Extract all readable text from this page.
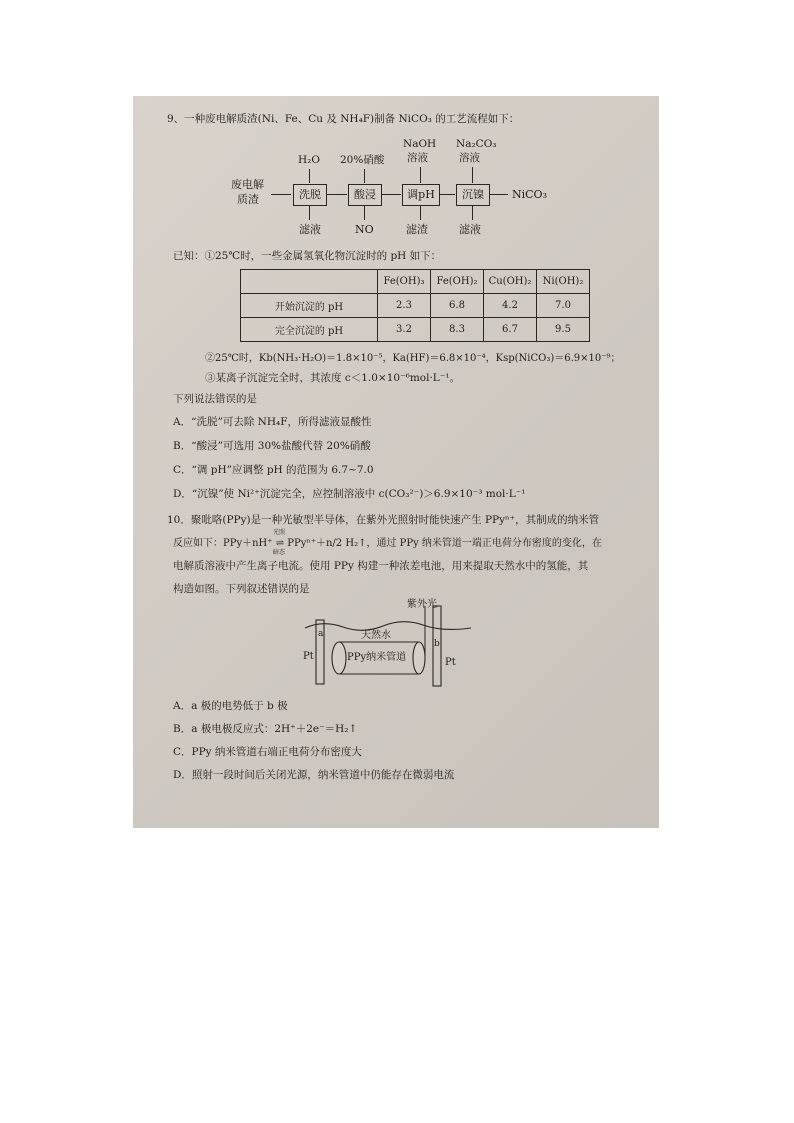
9、一种废电解质渣(Ni、Fe、Cu 及 NH₄F)制备 NiCO₃ 的工艺流程如下：
废电解
质渣	洗脱	酸浸	调pH	沉镍	NiCO₃
H₂O 20%硝酸
NaOH
溶液
Na₂CO₃
溶液
滤液	NO	滤渣	滤液
已知：①25℃时，一些金属氢氧化物沉淀时的 pH 如下：
	Fe(OH)₃	Fe(OH)₂	Cu(OH)₂	Ni(OH)₂
开始沉淀的 pH	2.3	6.8	4.2	7.0
完全沉淀的 pH	3.2	8.3	6.7	9.5
②25℃时，Kb(NH₃·H₂O)＝1.8×10⁻⁵，Ka(HF)＝6.8×10⁻⁴，Ksp(NiCO₃)＝6.9×10⁻⁹；
③某离子沉淀完全时，其浓度 c＜1.0×10⁻⁶mol·L⁻¹。
下列说法错误的是
A．“洗脱”可去除 NH₄F，所得滤液显酸性
B．“酸浸”可选用 30%盐酸代替 20%硝酸
C．“调 pH”应调整 pH 的范围为 6.7~7.0
D．“沉镍”使 Ni²⁺沉淀完全，应控制溶液中 c(CO₃²⁻)＞6.9×10⁻³ mol·L⁻¹
10．聚吡咯(PPy)是一种光敏型半导体，在紫外光照射时能快速产生 PPyⁿ⁺，其制成的纳米管
反应如下：PPy＋nH⁺ ⇌ PPyⁿ⁺＋n/2 H₂↑，通过 PPy 纳米管道一端正电荷分布密度的变化，在
光照
暗态
电解质溶液中产生离子电流。使用 PPy 构建一种浓差电池，用来提取天然水中的氢能，其
构造如图。下列叙述错误的是
紫外光
天然水
PPy纳米管道
a
b
Pt
Pt
A．a 极的电势低于 b 极
B．a 极电极反应式：2H⁺＋2e⁻＝H₂↑
C．PPy 纳米管道右端正电荷分布密度大
D．照射一段时间后关闭光源，纳米管道中仍能存在微弱电流
